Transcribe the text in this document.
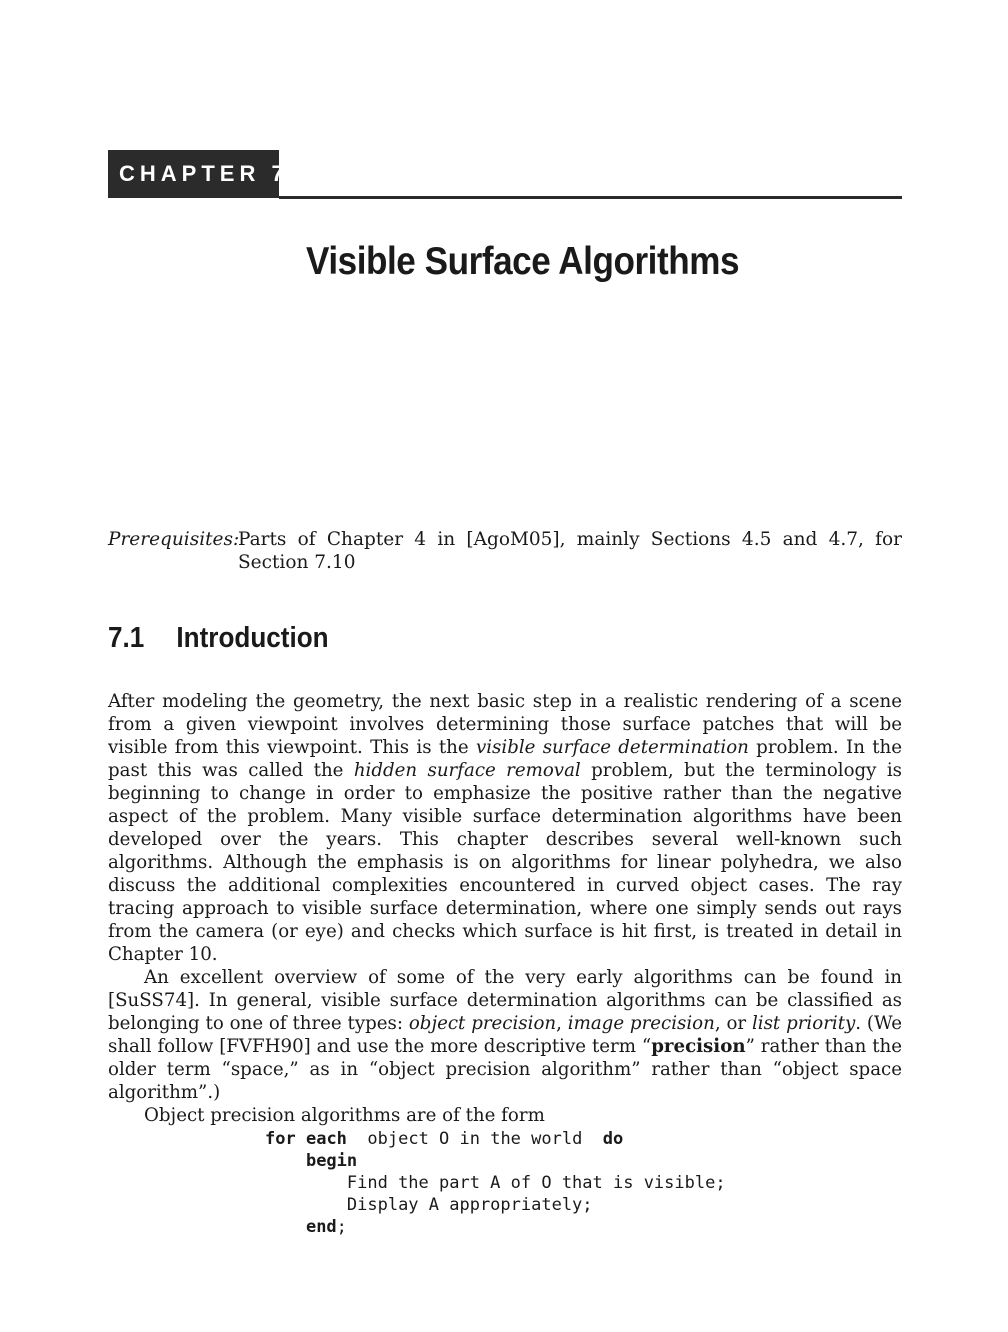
CHAPTER 7
Visible Surface Algorithms
Prerequisites:
Parts of Chapter 4 in [AgoM05], mainly Sections 4.5 and 4.7, for Section 7.10
7.1 Introduction

After modeling the geometry, the next basic step in a realistic rendering of a scene from a given viewpoint involves determining those surface patches that will be visible from this viewpoint. This is the visible surface determination problem. In the past this was called the hidden surface removal problem, but the terminology is beginning to change in order to emphasize the positive rather than the negative aspect of the problem. Many visible surface determination algorithms have been developed over the years. This chapter describes several well-known such algorithms. Although the emphasis is on algorithms for linear polyhedra, we also discuss the additional complexities encountered in curved object cases. The ray tracing approach to visible surface determination, where one simply sends out rays from the camera (or eye) and checks which surface is hit first, is treated in detail in Chapter 10.

An excellent overview of some of the very early algorithms can be found in [SuSS74]. In general, visible surface determination algorithms can be classified as belonging to one of three types: object precision, image precision, or list priority. (We shall follow [FVFH90] and use the more descriptive term “precision” rather than the older term “space,” as in “object precision algorithm” rather than “object space algorithm”.)

Object precision algorithms are of the form

for each  object O in the world  do
begin
Find the part A of O that is visible;
Display A appropriately;
end;
